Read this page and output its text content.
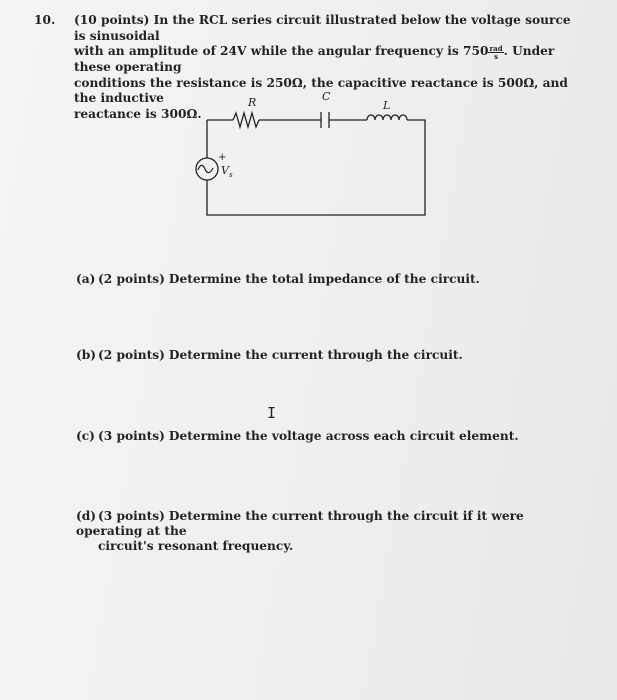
10. (10 points) In the RCL series circuit illustrated below the voltage source is sinusoidal
with an amplitude of 24V while the angular frequency is $750 \frac{\text{rad}}{s}$ . Under these operating
conditions the resistance is 250Ω, the capacitive reactance is 500Ω, and the inductive
reactance is 300Ω.
R	C
L
+
V s
(a) (2 points) Determine the total impedance of the circuit.
(b) (2 points) Determine the current through the circuit.
I
(c) (3 points) Determine the voltage across each circuit element.
(d) (3 points) Determine the current through the circuit if it were operating at the
circuit's resonant frequency.
